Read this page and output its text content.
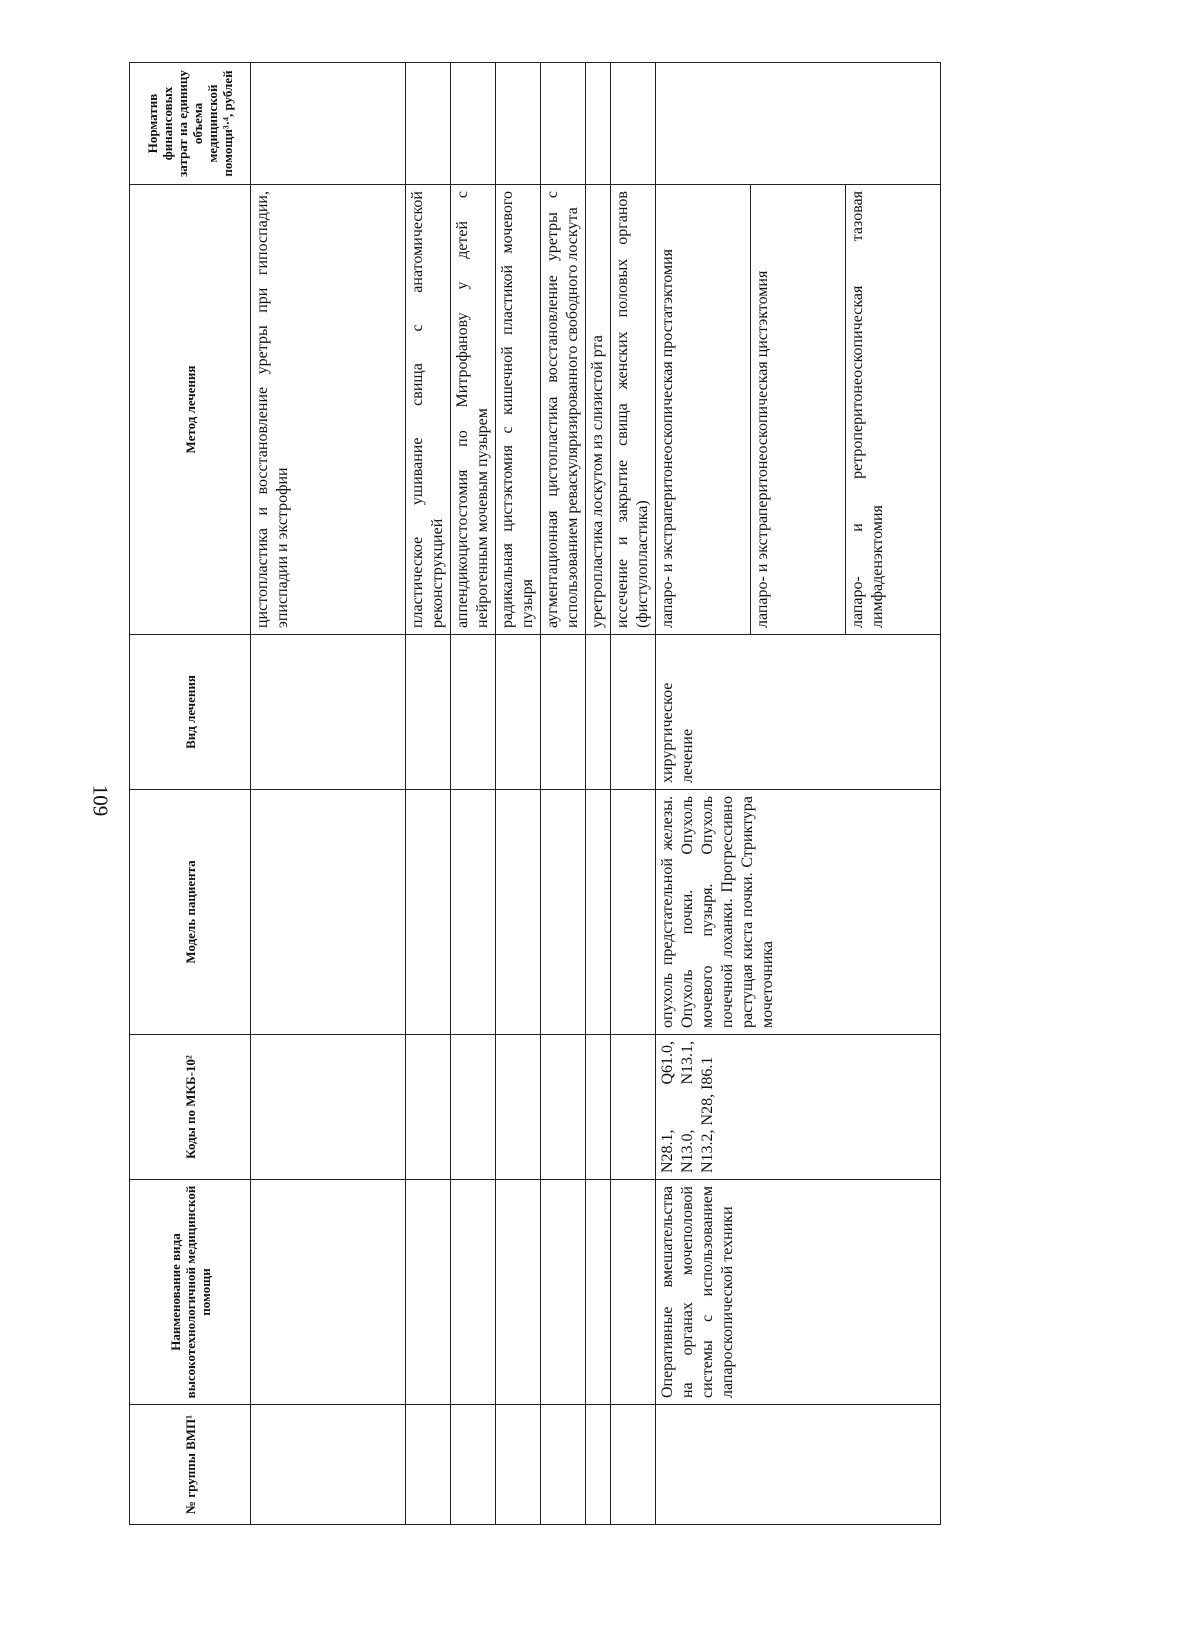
109
№ группы ВМП¹	Наименование вида высокотехнологичной медицинской помощи	Коды по МКБ-10²	Модель пациента	Вид лечения	Метод лечения	Норматив финансовых затрат на единицу объема медицинской помощи³·⁴, рублей
					цистопластика и восстановление уретры при гипоспадии, эписпадии и экстрофии	
					пластическое ушивание свища с анатомической реконструкцией	
					аппендикоцистостомия по Митрофанову у детей с нейрогенным мочевым пузырем	
					радикальная цистэктомия с кишечной пластикой мочевого пузыря	
					аугментационная цистопластика восстановление уретры с использованием реваскуляризированного свободного лоскута	
					уретропластика лоскутом из слизистой рта	
					иссечение и закрытие свища женских половых органов (фистулопластика)	
	Оперативные вмешательства на органах мочеполовой системы с использованием лапароскопической техники	N28.1, Q61.0, N13.0, N13.1, N13.2, N28, I86.1	опухоль предстательной железы. Опухоль почки. Опухоль мочевого пузыря. Опухоль почечной лоханки. Прогрессивно растущая киста почки. Стриктура мочеточника	хирургическое лечение	лапаро- и экстраперитонеоскопическая простатэктомия	
					лапаро- и экстраперитонеоскопическая цистэктомия	
					лапаро- и ретроперитонеоскопическая тазовая лимфаденэктомия	
